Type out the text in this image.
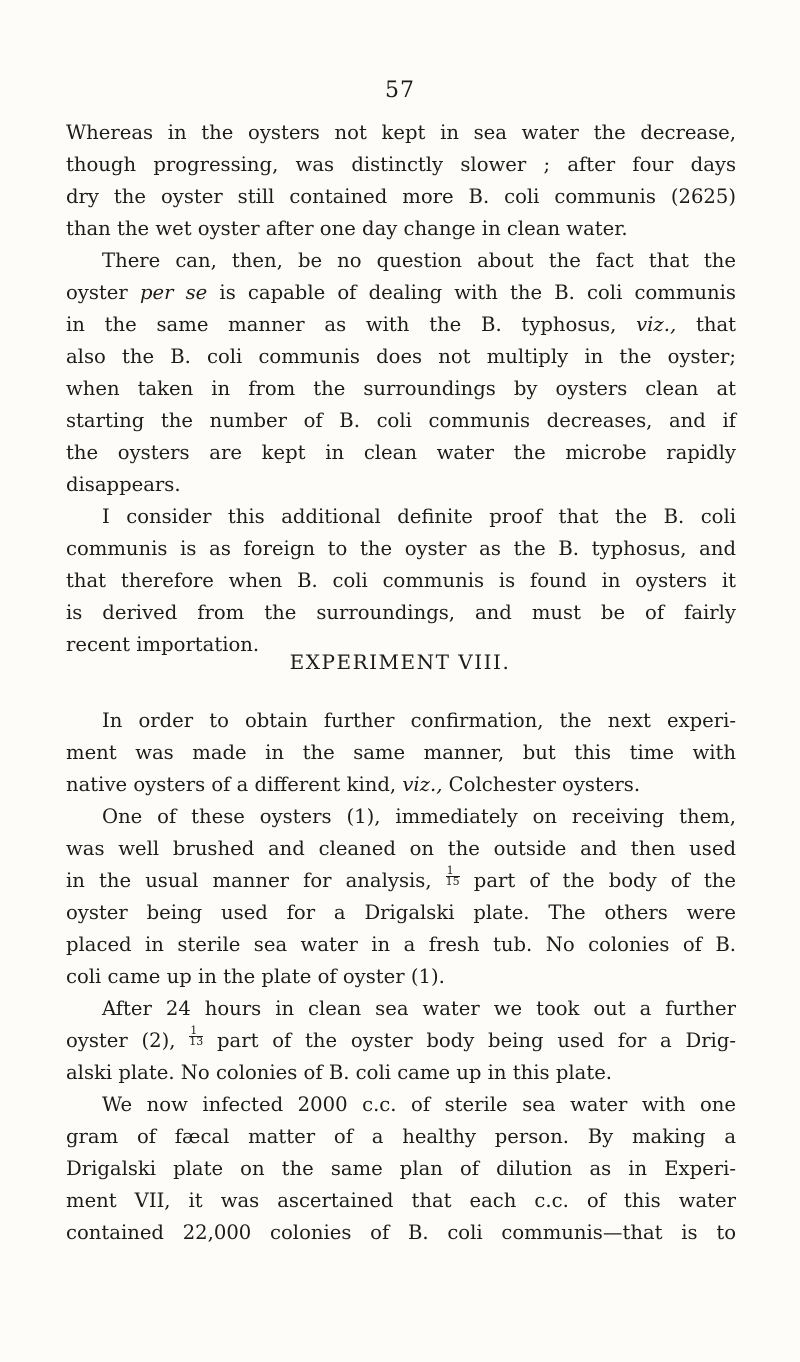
57
Whereas in the oysters not kept in sea water the decrease,
though progressing, was distinctly slower ; after four days
dry the oyster still contained more B. coli communis (2625)
than the wet oyster after one day change in clean water.
There can, then, be no question about the fact that the
oyster per se is capable of dealing with the B. coli communis
in the same manner as with the B. typhosus, viz., that
also the B. coli communis does not multiply in the oyster;
when taken in from the surroundings by oysters clean at
starting the number of B. coli communis decreases, and if
the oysters are kept in clean water the microbe rapidly
disappears.
I consider this additional definite proof that the B. coli
communis is as foreign to the oyster as the B. typhosus, and
that therefore when B. coli communis is found in oysters it
is derived from the surroundings, and must be of fairly
recent importation.
EXPERIMENT VIII.
In order to obtain further confirmation, the next experi-
ment was made in the same manner, but this time with
native oysters of a different kind, viz., Colchester oysters.
One of these oysters (1), immediately on receiving them,
was well brushed and cleaned on the outside and then used
in the usual manner for analysis, $\frac{1}{15}$ part of the body of the
oyster being used for a Drigalski plate. The others were
placed in sterile sea water in a fresh tub. No colonies of B.
coli came up in the plate of oyster (1).
After 24 hours in clean sea water we took out a further
oyster (2), $\frac{1}{13}$ part of the oyster body being used for a Drig-
alski plate. No colonies of B. coli came up in this plate.
We now infected 2000 c.c. of sterile sea water with one
gram of fæcal matter of a healthy person. By making a
Drigalski plate on the same plan of dilution as in Experi-
ment VII, it was ascertained that each c.c. of this water
contained 22,000 colonies of B. coli communis—that is to
